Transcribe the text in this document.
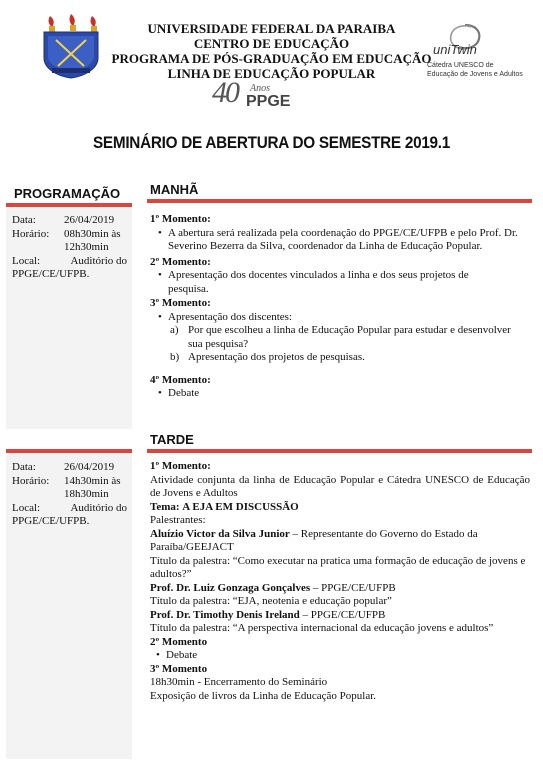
UNIVERSIDADE FEDERAL DA PARAIBA
CENTRO DE EDUCAÇÃO
PROGRAMA DE PÓS-GRADUAÇÃO EM EDUCAÇÃO
LINHA DE EDUCAÇÃO POPULAR
uniTwin
Cátedra UNESCO de
Educação de Jovens e Adultos
40 Anos
PPGE
SEMINÁRIO DE ABERTURA DO SEMESTRE 2019.1
PROGRAMAÇÃO MANHÃ
TARDE
Data:	26/04/2019
Horário:	08h30min às
12h30min
Local:	Auditório do
PPGE/CE/UFPB.
Data:	26/04/2019
Horário:	14h30min às
18h30min
Local:	Auditório do
PPGE/CE/UFPB.
1º Momento:
• A abertura será realizada pela coordenação do PPGE/CE/UFPB e pelo Prof. Dr. Severino Bezerra da Silva, coordenador da Linha de Educação Popular.
2º Momento:
• Apresentação dos docentes vinculados a linha e dos seus projetos de pesquisa.
3º Momento:
• Apresentação dos discentes:
a) Por que escolheu a linha de Educação Popular para estudar e desenvolver sua pesquisa?
b) Apresentação dos projetos de pesquisas.
4º Momento:
• Debate
1º Momento:
Atividade conjunta da linha de Educação Popular e Cátedra UNESCO de Educação de Jovens e Adultos
Tema: A EJA EM DISCUSSÃO
Palestrantes:
Aluízio Victor da Silva Junior – Representante do Governo do Estado da Paraíba/GEEJACT
Título da palestra: “Como executar na pratica uma formação de educação de jovens e adultos?”
Prof. Dr. Luiz Gonzaga Gonçalves – PPGE/CE/UFPB
Título da palestra: “EJA, neotenia e educação popular”
Prof. Dr. Timothy Denis Ireland – PPGE/CE/UFPB
Título da palestra: “A perspectiva internacional da educação jovens e adultos”
2º Momento
• Debate
3º Momento
18h30min - Encerramento do Seminário
Exposição de livros da Linha de Educação Popular.
